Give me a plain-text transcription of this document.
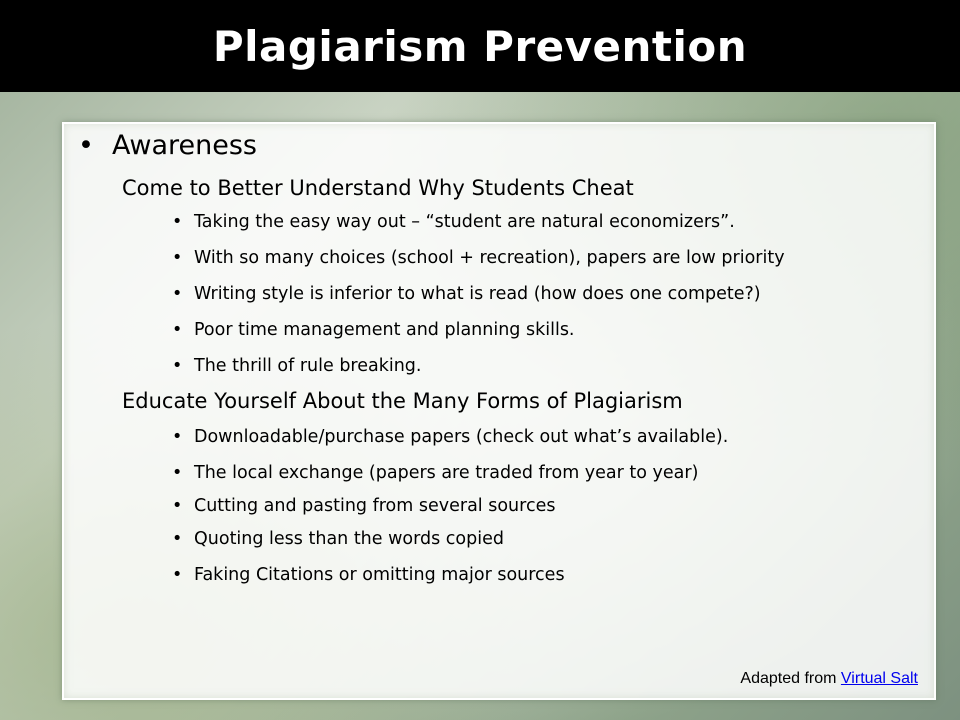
Plagiarism Prevention
• Awareness
Come to Better Understand Why Students Cheat
• Taking the easy way out – “student are natural economizers”.
• With so many choices (school + recreation), papers are low priority
• Writing style is inferior to what is read (how does one compete?)
• Poor time management and planning skills.
• The thrill of rule breaking.
Educate Yourself About the Many Forms of Plagiarism
• Downloadable/purchase papers (check out what’s available).
• The local exchange (papers are traded from year to year)
• Cutting and pasting from several sources
• Quoting less than the words copied
• Faking Citations or omitting major sources
Adapted from Virtual Salt
